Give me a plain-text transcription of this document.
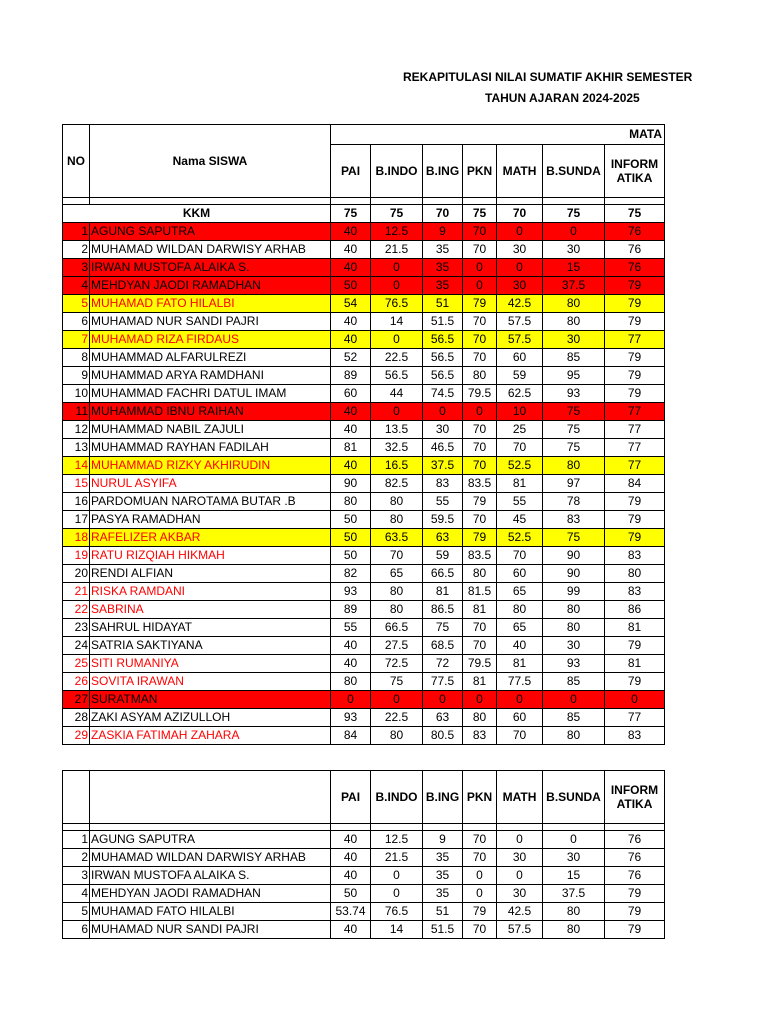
REKAPITULASI NILAI SUMATIF AKHIR SEMESTER
TAHUN AJARAN 2024-2025
NO	Nama SISWA	MATA						
		PAI	B.INDO	B.ING	PKN	MATH	B.SUNDA	INFORM ATIKA

KKM		75	75	70	75	70	75	75
1	AGUNG SAPUTRA	40	12.5	9	70	0	0	76
2	MUHAMAD WILDAN DARWISY ARHAB	40	21.5	35	70	30	30	76
3	IRWAN MUSTOFA ALAIKA S.	40	0	35	0	0	15	76
4	MEHDYAN JAODI RAMADHAN	50	0	35	0	30	37.5	79
5	MUHAMAD FATO HILALBI	54	76.5	51	79	42.5	80	79
6	MUHAMAD NUR SANDI PAJRI	40	14	51.5	70	57.5	80	79
7	MUHAMAD RIZA FIRDAUS	40	0	56.5	70	57.5	30	77
8	MUHAMMAD ALFARULREZI	52	22.5	56.5	70	60	85	79
9	MUHAMMAD ARYA RAMDHANI	89	56.5	56.5	80	59	95	79
10	MUHAMMAD FACHRI DATUL IMAM	60	44	74.5	79.5	62.5	93	79
11	MUHAMMAD IBNU RAIHAN	40	0	0	0	10	75	77
12	MUHAMMAD NABIL ZAJULI	40	13.5	30	70	25	75	77
13	MUHAMMAD RAYHAN FADILAH	81	32.5	46.5	70	70	75	77
14	MUHAMMAD RIZKY AKHIRUDIN	40	16.5	37.5	70	52.5	80	77
15	NURUL ASYIFA	90	82.5	83	83.5	81	97	84
16	PARDOMUAN NAROTAMA BUTAR .B	80	80	55	79	55	78	79
17	PASYA RAMADHAN	50	80	59.5	70	45	83	79
18	RAFELIZER AKBAR	50	63.5	63	79	52.5	75	79
19	RATU RIZQIAH HIKMAH	50	70	59	83.5	70	90	83
20	RENDI ALFIAN	82	65	66.5	80	60	90	80
21	RISKA RAMDANI	93	80	81	81.5	65	99	83
22	SABRINA	89	80	86.5	81	80	80	86
23	SAHRUL HIDAYAT	55	66.5	75	70	65	80	81
24	SATRIA SAKTIYANA	40	27.5	68.5	70	40	30	79
25	SITI RUMANIYA	40	72.5	72	79.5	81	93	81
26	SOVITA IRAWAN	80	75	77.5	81	77.5	85	79
27	SURATMAN	0	0	0	0	0	0	0
28	ZAKI ASYAM AZIZULLOH	93	22.5	63	80	60	85	77
29	ZASKIA FATIMAH ZAHARA	84	80	80.5	83	70	80	83
		PAI	B.INDO	B.ING	PKN	MATH	B.SUNDA	INFORM ATIKA

1	AGUNG SAPUTRA	40	12.5	9	70	0	0	76
2	MUHAMAD WILDAN DARWISY ARHAB	40	21.5	35	70	30	30	76
3	IRWAN MUSTOFA ALAIKA S.	40	0	35	0	0	15	76
4	MEHDYAN JAODI RAMADHAN	50	0	35	0	30	37.5	79
5	MUHAMAD FATO HILALBI	53.74	76.5	51	79	42.5	80	79
6	MUHAMAD NUR SANDI PAJRI	40	14	51.5	70	57.5	80	79
